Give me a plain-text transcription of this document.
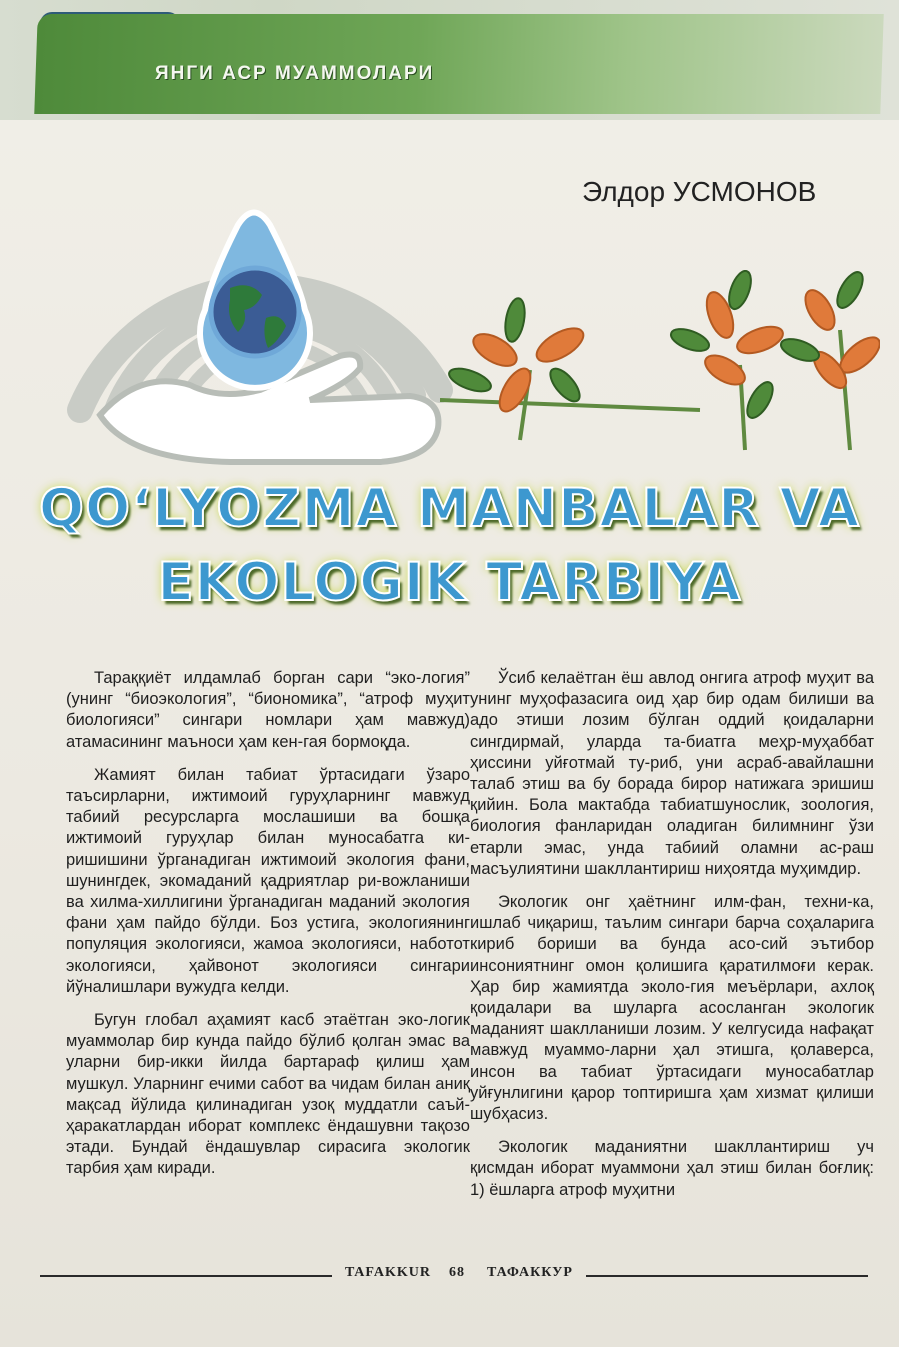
ЯНГИ АСР МУАММОЛАРИ
Элдор УСМОНОВ
QO‘LYOZMA MANBALAR VA
EKOLOGIK TARBIYA

Тараққиёт илдамлаб борган сари “эко-логия” (унинг “биоэкология”, “биономика”, “атроф муҳит биологияси” сингари номлари ҳам мавжуд) атамасининг маъноси ҳам кен-гая бормоқда.

Жамият билан табиат ўртасидаги ўзаро таъсирларни, ижтимоий гуруҳларнинг мавжуд табиий ресурсларга мослашиши ва бошқа ижтимоий гуруҳлар билан муносабатга ки-ришишини ўрганадиган ижтимоий экология фани, шунингдек, экомаданий қадриятлар ри-вожланиши ва хилма-хиллигини ўрганадиган маданий экология фани ҳам пайдо бўлди. Боз устига, экологиянинг популяция экологияси, жамоа экологияси, наботот экологияси, ҳайвонот экологияси сингари йўналишлари вужудга келди.

Бугун глобал аҳамият касб этаётган эко-логик муаммолар бир кунда пайдо бўлиб қолган эмас ва уларни бир-икки йилда бартараф қилиш ҳам мушкул. Уларнинг ечими сабот ва чидам билан аниқ мақсад йўлида қилинадиган узоқ муддатли саъй-ҳаракатлардан иборат комплекс ёндашувни тақозо этади. Бундай ёндашувлар сирасига экологик тарбия ҳам киради.

Ўсиб келаётган ёш авлод онгига атроф муҳит ва унинг муҳофазасига оид ҳар бир одам билиши ва адо этиши лозим бўлган оддий қоидаларни сингдирмай, уларда та-биатга меҳр-муҳаббат ҳиссини уйғотмай ту-риб, уни асраб-авайлашни талаб этиш ва бу борада бирор натижага эришиш қийин. Бола мактабда табиатшунослик, зоология, биология фанларидан оладиган билимнинг ўзи етарли эмас, унда табиий оламни ас-раш масъулиятини шакллантириш ниҳоятда муҳимдир.

Экологик онг ҳаётнинг илм-фан, техни-ка, ишлаб чиқариш, таълим сингари барча соҳаларига кириб бориши ва бунда асо-сий эътибор инсониятнинг омон қолишига қаратилмоғи керак. Ҳар бир жамиятда эколо-гия меъёрлари, ахлоқ қоидалари ва шуларга асосланган экологик маданият шаклланиши лозим. У келгусида нафақат мавжуд муаммо-ларни ҳал этишга, қолаверса, инсон ва табиат ўртасидаги муносабатлар уйғунлигини қарор топтиришга ҳам хизмат қилиши шубҳасиз.

Экологик маданиятни шакллантириш уч қисмдан иборат муаммони ҳал этиш билан боғлиқ: 1) ёшларга атроф муҳитни

TAFAKKUR 68 ТАФАККУР
